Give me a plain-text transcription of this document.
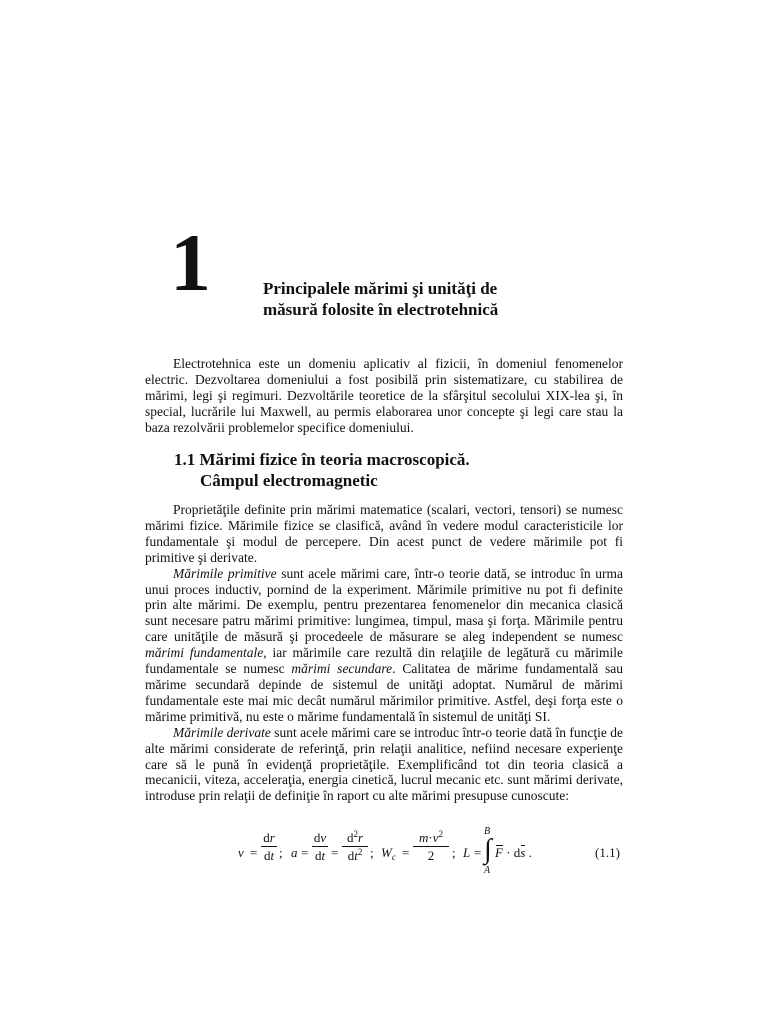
1	Principalele mărimi şi unităţi de
măsură folosite în electrotehnică

Electrotehnica este un domeniu aplicativ al fizicii, în domeniul fenomenelor electric. Dezvoltarea domeniului a fost posibilă prin sistematizare, cu stabilirea de mărimi, legi şi regimuri. Dezvoltările teoretice de la sfârşitul secolului XIX-lea şi, în special, lucrările lui Maxwell, au permis elaborarea unor concepte şi legi care stau la baza rezolvării problemelor specifice domeniului.

1.1 Mărimi fizice în teoria macroscopică.
Câmpul electromagnetic

Proprietăţile definite prin mărimi matematice (scalari, vectori, tensori) se numesc mărimi fizice. Mărimile fizice se clasifică, având în vedere modul caracteristicile lor fundamentale şi modul de percepere. Din acest punct de vedere mărimile pot fi primitive şi derivate.

Mărimile primitive sunt acele mărimi care, într-o teorie dată, se introduc în urma unui proces inductiv, pornind de la experiment. Mărimile primitive nu pot fi definite prin alte mărimi. De exemplu, pentru prezentarea fenomenelor din mecanica clasică sunt necesare patru mărimi primitive: lungimea, timpul, masa şi forţa. Mărimile pentru care unităţile de măsură şi procedeele de măsurare se aleg independent se numesc mărimi fundamentale, iar mărimile care rezultă din relaţiile de legătură cu mărimile fundamentale se numesc mărimi secundare. Calitatea de mărime fundamentală sau mărime secundară depinde de sistemul de unităţi adoptat. Numărul de mărimi fundamentale este mai mic decât numărul mărimilor primitive. Astfel, deşi forţa este o mărime primitivă, nu este o mărime fundamentală în sistemul de unităţi SI.

Mărimile derivate sunt acele mărimi care se introduc într-o teorie dată în funcţie de alte mărimi considerate de referinţă, prin relaţii analitice, nefiind necesare experienţe care să le pună în evidenţă proprietăţile. Exemplificând tot din teoria clasică a mecanicii, viteza, acceleraţia, energia cinetică, lucrul mecanic etc. sunt mărimi derivate, introduse prin relaţii de definiţie în raport cu alte mărimi presupuse cunoscute:

v =
dr
dt ; a =
dv
dt =
$d^2r$
$dt^2$ ; $W_c$ =
$m\cdot v^2$
2	; L =
B
∫
A
F · ds .	(1.1)
